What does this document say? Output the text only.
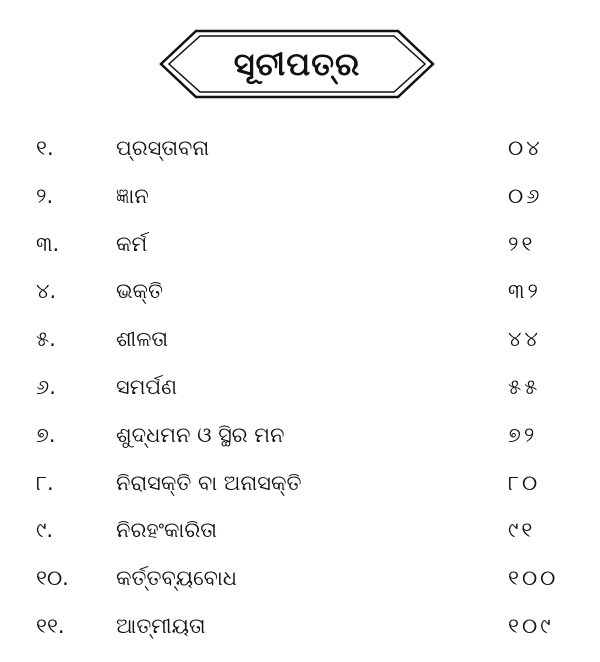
ସୂଚୀପତ୍ର
୧.	ପ୍ରସ୍ତାବନା	୦୪
୨.	ଜ୍ଞାନ	୦୬
୩.	କର୍ମ	୨୧
୪.	ଭକ୍ତି	୩୨
୫.	ଶୀଳତା	୪୪
୬.	ସମର୍ପଣ	୫୫
୭.	ଶୁଦ୍ଧମନ ଓ ସ୍ଥିର ମନ	୭୨
୮.	ନିରାସକ୍ତି ବା ଅନାସକ୍ତି	୮୦
୯.	ନିରହଂକାରିତା	୯୧
୧୦. କର୍ତ୍ତବ୍ୟବୋଧ	୧୦୦
୧୧. ଆତ୍ମୀୟତା	୧୦୯
